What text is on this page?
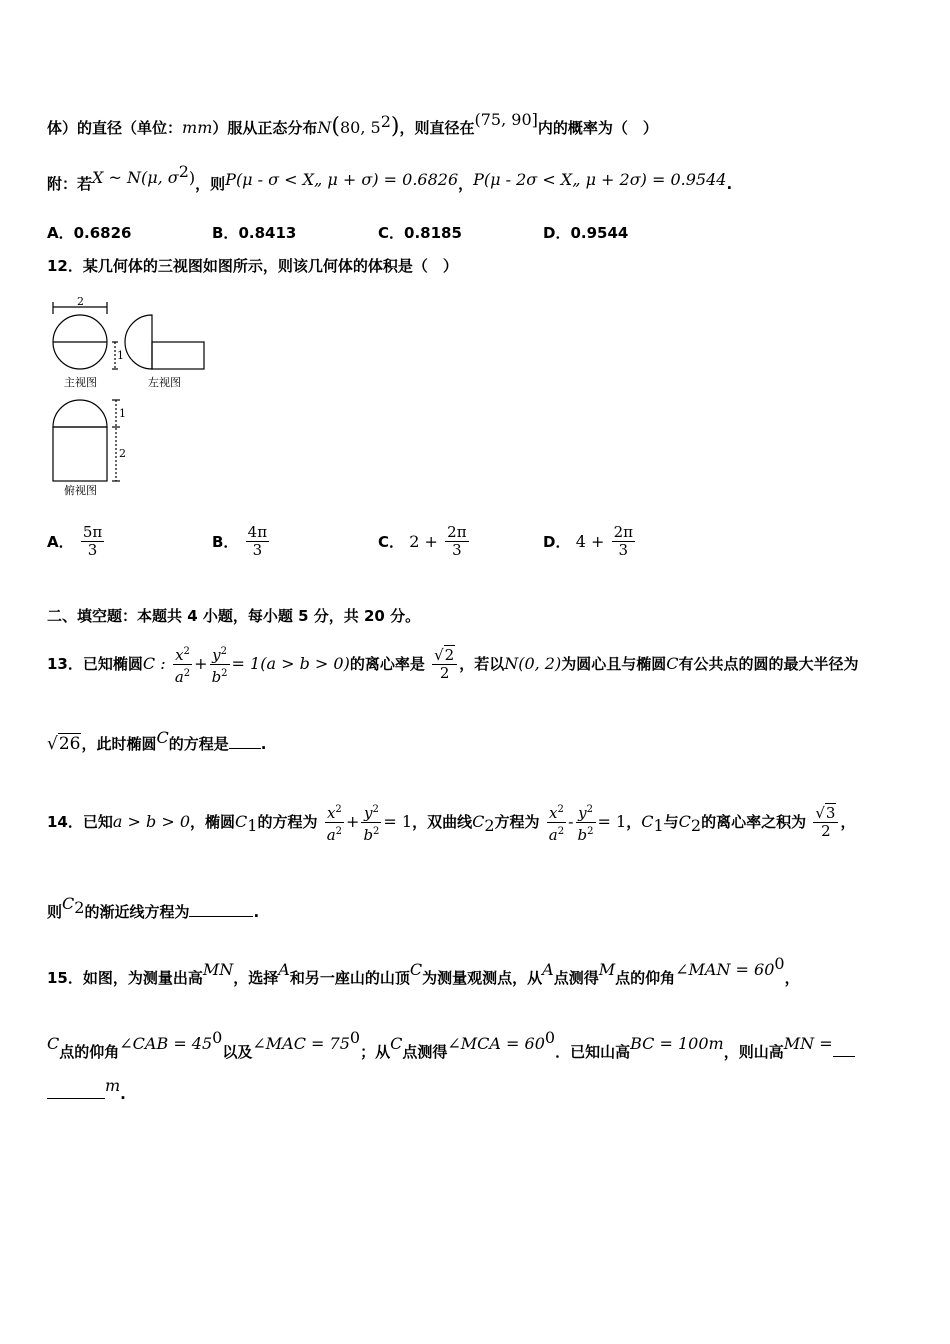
体）的直径（单位：mm）服从正态分布N(80, $5^2$)，则直径在(75, 90]内的概率为（　）
附：若X ~ N(μ, $\sigma^2$)，则P(μ - σ < X„ μ + σ) = 0.6826，P(μ - 2σ < X„ μ + 2σ) = 0.9544.
A．0.6826	B．0.8413	C．0.8185	D．0.9544
12．某几何体的三视图如图所示，则该几何体的体积是（　）
2
1
1
2
主视图	左视图
俯视图
A． $\frac{5\pi}{3}$	B． $\frac{4\pi}{3}$	C． $2 + \frac{2\pi}{3}$	D． $4 + \frac{2\pi}{3}$
二、填空题：本题共 4 小题，每小题 5 分，共 20 分。
13．已知椭圆C : $\frac{x^2}{a^2} + \frac{y^2}{b^2} = 1(a > b > 0)$的离心率是 $\frac{√2}{2}$ ，若以N(0, 2)为圆心且与椭圆C有公共点的圆的最大半径为
√26，此时椭圆C的方程是 .
14．已知a > b > 0，椭圆$C_1$的方程为 $\frac{x^2}{a^2} + \frac{y^2}{b^2} = 1$，双曲线$C_2$方程为 $\frac{x^2}{a^2} - \frac{y^2}{b^2} = 1$，$C_1$与$C_2$的离心率之积为 $\frac{√3}{2}$ ，
则$C_2$的渐近线方程为	.
15．如图，为测量出高MN，选择A和另一座山的山顶C为测量观测点，从A点测得M点的仰角∠MAN = $60^0$，
C点的仰角∠CAB = $45^0$以及∠MAC = $75^0$；从C点测得∠MCA = $60^0$．已知山高BC = 100m，则山高MN =
m.
